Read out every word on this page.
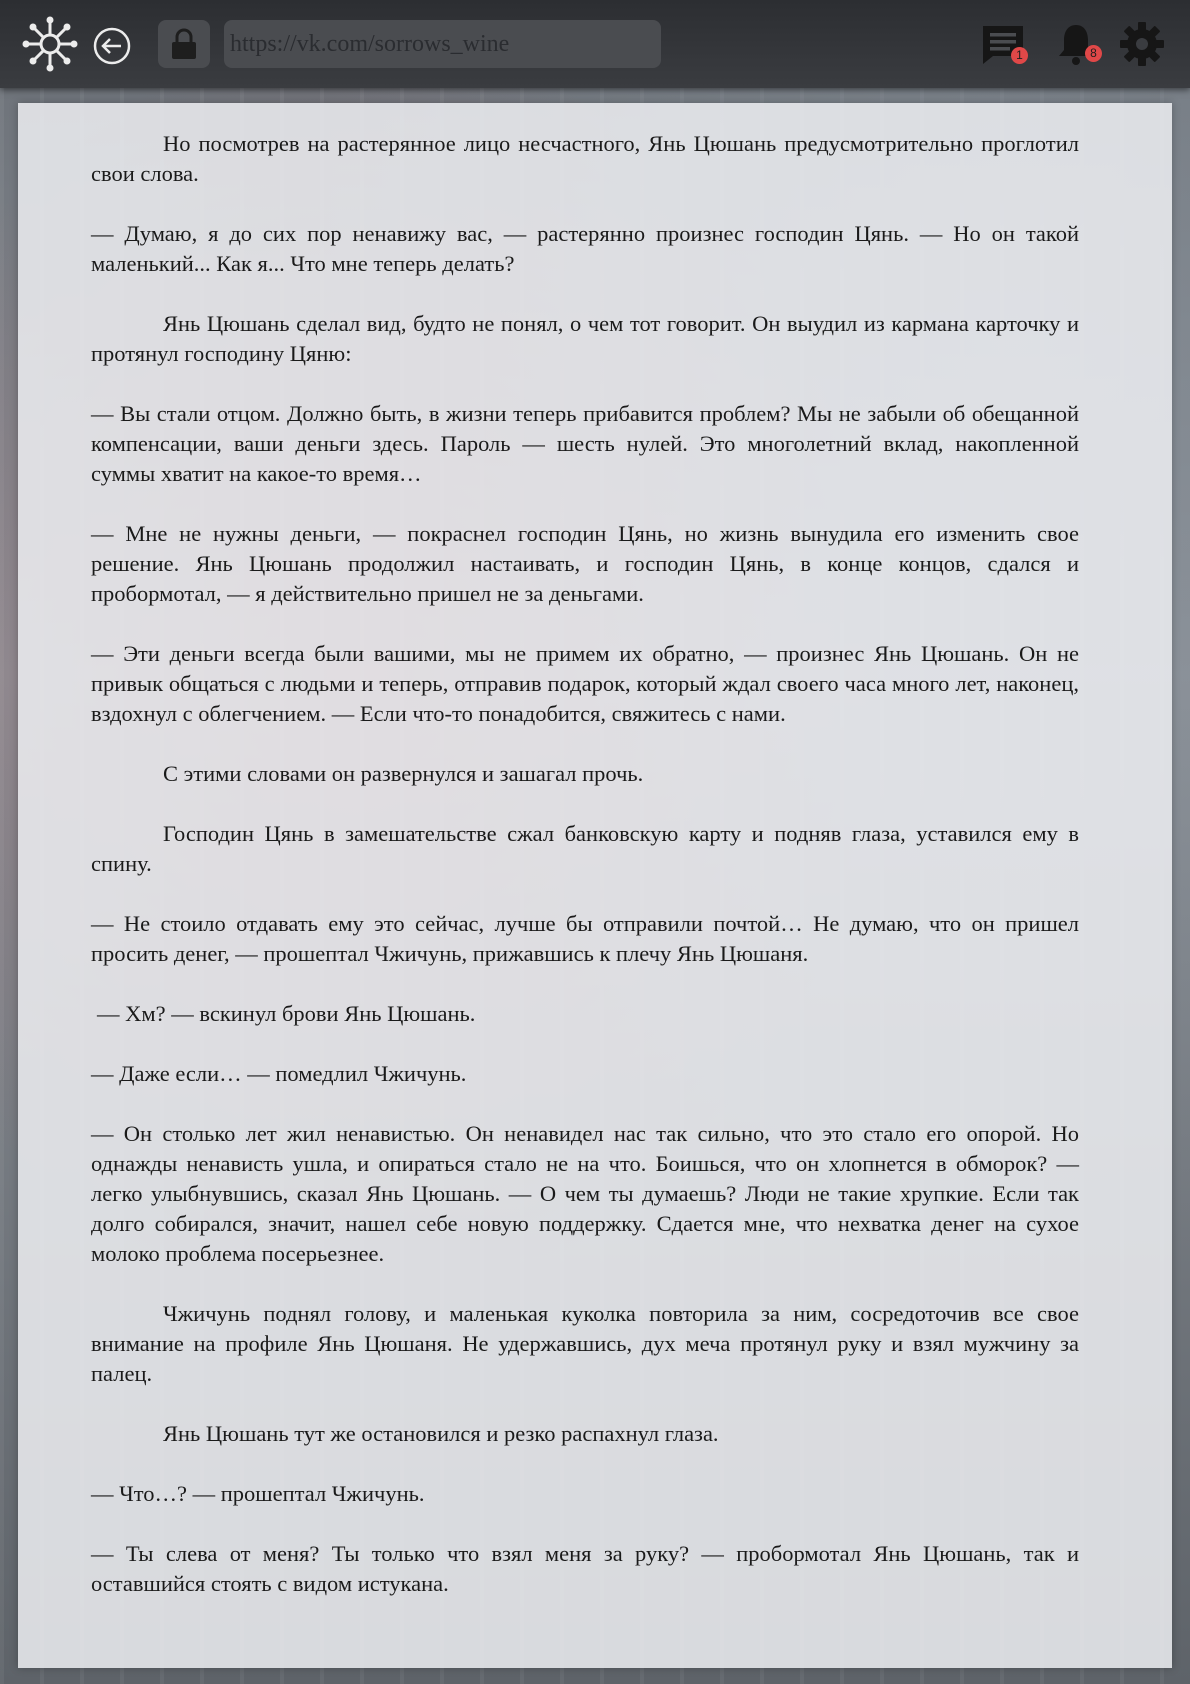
https://vk.com/sorrows_wine
1	8

Но посмотрев на растерянное лицо несчастного, Янь Цюшань предусмотрительно проглотил свои слова.

— Думаю, я до сих пор ненавижу вас, — растерянно произнес господин Цянь. — Но он такой маленький... Как я... Что мне теперь делать?

Янь Цюшань сделал вид, будто не понял, о чем тот говорит. Он выудил из кармана карточку и протянул господину Цяню:

— Вы стали отцом. Должно быть, в жизни теперь прибавится проблем? Мы не забыли об обещанной компенсации, ваши деньги здесь. Пароль — шесть нулей. Это многолетний вклад, накопленной суммы хватит на какое-то время…

— Мне не нужны деньги, — покраснел господин Цянь, но жизнь вынудила его изменить свое решение. Янь Цюшань продолжил настаивать, и господин Цянь, в конце концов, сдался и пробормотал, — я действительно пришел не за деньгами.

— Эти деньги всегда были вашими, мы не примем их обратно, — произнес Янь Цюшань. Он не привык общаться с людьми и теперь, отправив подарок, который ждал своего часа много лет, наконец, вздохнул с облегчением. — Если что-то понадобится, свяжитесь с нами.

С этими словами он развернулся и зашагал прочь.

Господин Цянь в замешательстве сжал банковскую карту и подняв глаза, уставился ему в спину.

— Не стоило отдавать ему это сейчас, лучше бы отправили почтой… Не думаю, что он пришел просить денег, — прошептал Чжичунь, прижавшись к плечу Янь Цюшаня.

— Хм? — вскинул брови Янь Цюшань.

— Даже если… — помедлил Чжичунь.

— Он столько лет жил ненавистью. Он ненавидел нас так сильно, что это стало его опорой. Но однажды ненависть ушла, и опираться стало не на что. Боишься, что он хлопнется в обморок? — легко улыбнувшись, сказал Янь Цюшань. — О чем ты думаешь? Люди не такие хрупкие. Если так долго собирался, значит, нашел себе новую поддержку. Сдается мне, что нехватка денег на сухое молоко проблема посерьезнее.

Чжичунь поднял голову, и маленькая куколка повторила за ним, сосредоточив все свое внимание на профиле Янь Цюшаня. Не удержавшись, дух меча протянул руку и взял мужчину за палец.

Янь Цюшань тут же остановился и резко распахнул глаза.

— Что…? — прошептал Чжичунь.

— Ты слева от меня? Ты только что взял меня за руку? — пробормотал Янь Цюшань, так и оставшийся стоять с видом истукана.
